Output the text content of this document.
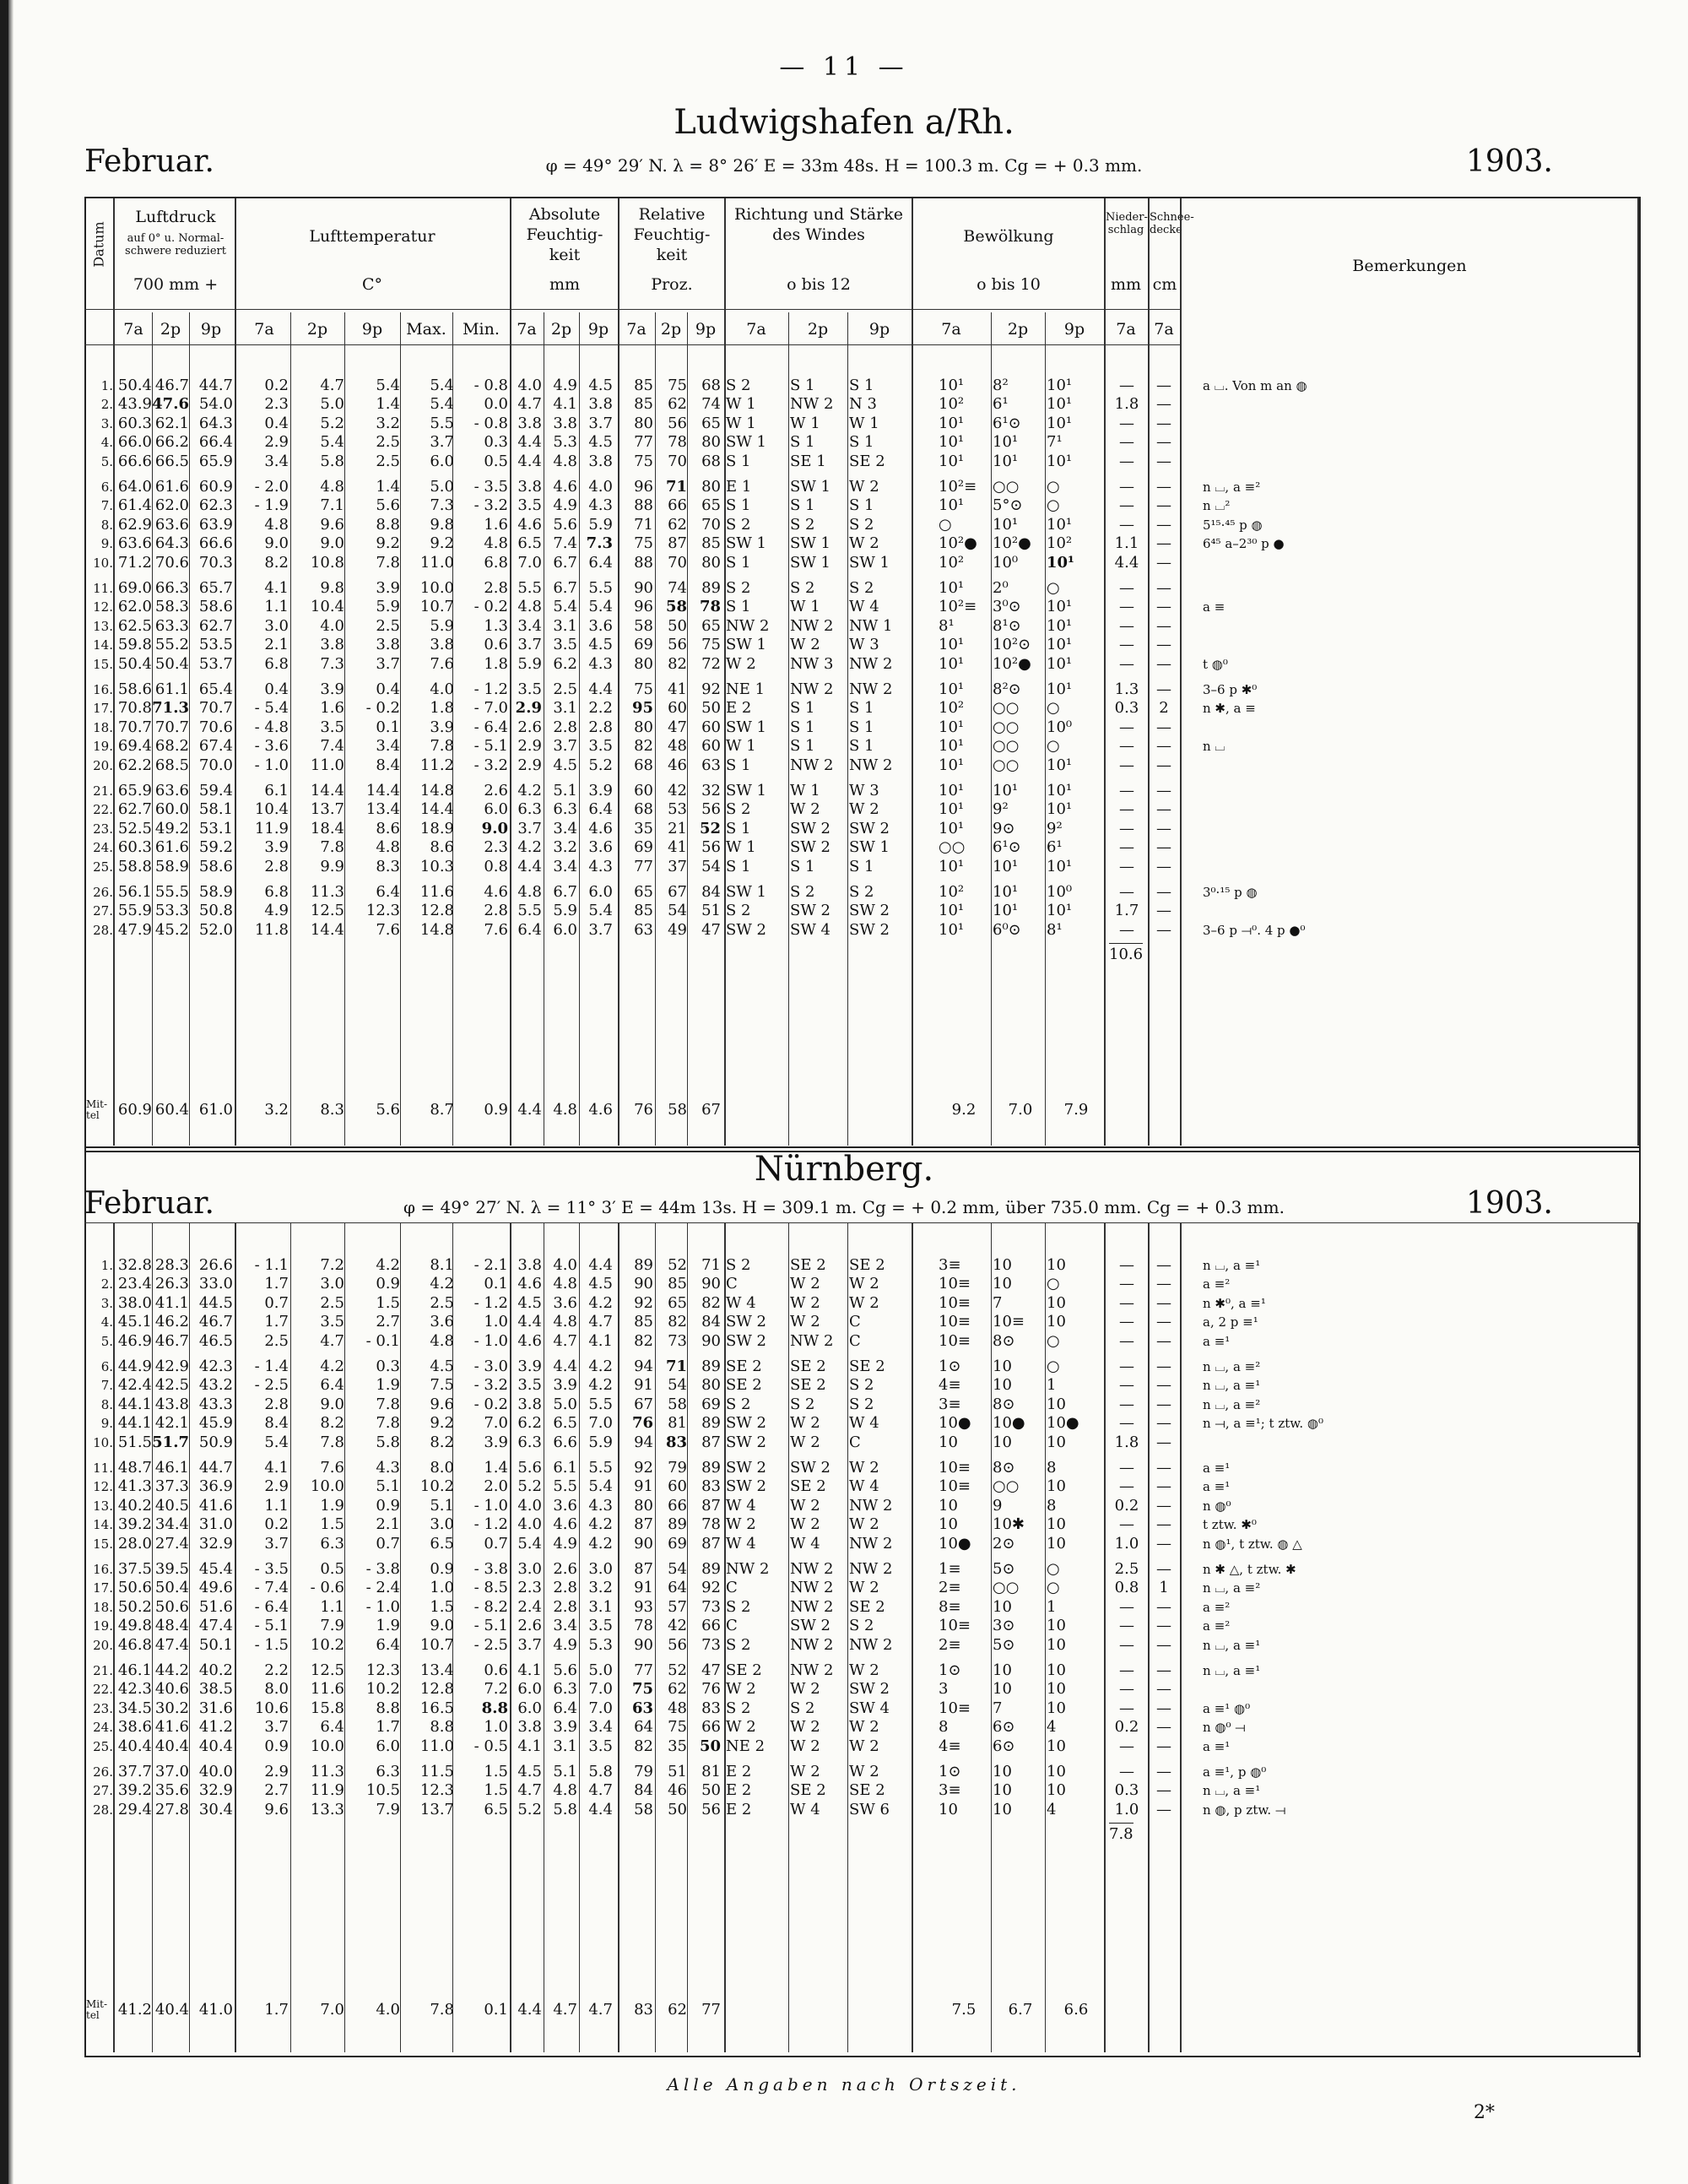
— 11 —
Ludwigshafen a/Rh.
Februar.	φ = 49° 29′ N. λ = 8° 26′ E = 33m 48s. H = 100.3 m. Cg = + 0.3 mm.	1903.
Datum
Luftdruck
auf 0° u. Normal-schwere reduziert
700 mm +
Lufttemperatur
C°
Absolute Feuchtig-keit
mm
Relative Feuchtig-keit
Proz.
Richtung und Stärke des Windes
o bis 12
Bewölkung
o bis 10
Nieder-schlag
mm
Schnee-decke
cm
Bemerkungen
7a	2p	9p	7a	2p	9p	Max.	Min.	7a 2p	9p	7a 2p 9p	7a	2p	9p	7a	2p	9p	7a	7a
1. 50.4 46.7 44.7	0.2	4.7	5.4	5.4	- 0.8 4.0 4.9 4.5	85 75 68 S 2	S 1	S 1	10¹	8²	10¹	—	—	a ⌴. Von m an ◍
2. 43.9 47.6 54.0	2.3	5.0	1.4	5.4	0.0 4.7 4.1 3.8	85 62 74 W 1	NW 2	N 3	10²	6¹	10¹	1.8	—
3. 60.3 62.1 64.3	0.4	5.2	3.2	5.5	- 0.8 3.8 3.8 3.7	80 56 65 W 1	W 1	W 1	10¹	6¹⊙	10¹	—	—
4. 66.0 66.2 66.4	2.9	5.4	2.5	3.7	0.3 4.4 5.3 4.5	77 78 80 SW 1	S 1	S 1	10¹	10¹	7¹	—	—
5. 66.6 66.5 65.9	3.4	5.8	2.5	6.0	0.5 4.4 4.8 3.8	75 70 68 S 1	SE 1	SE 2	10¹	10¹	10¹	—	—
6. 64.0 61.6 60.9	- 2.0	4.8	1.4	5.0	- 3.5 3.8 4.6 4.0	96 71 80 E 1	SW 1	W 2	10²≡	○○	○	—	—	n ⌴, a ≡²
7. 61.4 62.0 62.3	- 1.9	7.1	5.6	7.3	- 3.2 3.5 4.9 4.3	88 66 65 S 1	S 1	S 1	10¹	5°⊙	○	—	—	n ⌴²
8. 62.9 63.6 63.9	4.8	9.6	8.8	9.8	1.6 4.6 5.6 5.9	71 62 70 S 2	S 2	S 2	○	10¹	10¹	—	—	5¹⁵·⁴⁵ p ◍
9. 63.6 64.3 66.6	9.0	9.0	9.2	9.2	4.8 6.5 7.4 7.3	75 87 85 SW 1	SW 1	W 2	10²●	10²●	10²	1.1	—	6⁴⁵ a–2³⁰ p ●
10. 71.2 70.6 70.3	8.2	10.8	7.8	11.0	6.8 7.0 6.7 6.4	88 70 80 S 1	SW 1	SW 1	10²	10⁰	10¹	4.4	—
11. 69.0 66.3 65.7	4.1	9.8	3.9	10.0	2.8 5.5 6.7 5.5	90 74 89 S 2	S 2	S 2	10¹	2⁰	○	—	—
12. 62.0 58.3 58.6	1.1	10.4	5.9	10.7	- 0.2 4.8 5.4 5.4	96 58 78 S 1	W 1	W 4	10²≡	3⁰⊙	10¹	—	—	a ≡
13. 62.5 63.3 62.7	3.0	4.0	2.5	5.9	1.3 3.4 3.1 3.6	58 50 65 NW 2	NW 2	NW 1	8¹	8¹⊙	10¹	—	—
14. 59.8 55.2 53.5	2.1	3.8	3.8	3.8	0.6 3.7 3.5 4.5	69 56 75 SW 1	W 2	W 3	10¹	10²⊙	10¹	—	—
15. 50.4 50.4 53.7	6.8	7.3	3.7	7.6	1.8 5.9 6.2 4.3	80 82 72 W 2	NW 3	NW 2	10¹	10²●	10¹	—	—	t ◍⁰
16. 58.6 61.1 65.4	0.4	3.9	0.4	4.0	- 1.2 3.5 2.5 4.4	75 41 92 NE 1	NW 2	NW 2	10¹	8²⊙	10¹	1.3	—	3–6 p ✱⁰
17. 70.8 71.3 70.7	- 5.4	1.6	- 0.2	1.8	- 7.0 2.9 3.1 2.2	95 60 50 E 2	S 1	S 1	10²	○○	○	0.3	2	n ✱, a ≡
18. 70.7 70.7 70.6	- 4.8	3.5	0.1	3.9	- 6.4 2.6 2.8 2.8	80 47 60 SW 1	S 1	S 1	10¹	○○	10⁰	—	—
19. 69.4 68.2 67.4	- 3.6	7.4	3.4	7.8	- 5.1 2.9 3.7 3.5	82 48 60 W 1	S 1	S 1	10¹	○○	○	—	—	n ⌴
20. 62.2 68.5 70.0	- 1.0	11.0	8.4	11.2	- 3.2 2.9 4.5 5.2	68 46 63 S 1	NW 2	NW 2	10¹	○○	10¹	—	—
21. 65.9 63.6 59.4	6.1	14.4	14.4	14.8	2.6 4.2 5.1 3.9	60 42 32 SW 1	W 1	W 3	10¹	10¹	10¹	—	—
22. 62.7 60.0 58.1	10.4	13.7	13.4	14.4	6.0 6.3 6.3 6.4	68 53 56 S 2	W 2	W 2	10¹	9²	10¹	—	—
23. 52.5 49.2 53.1	11.9	18.4	8.6	18.9	9.0 3.7 3.4 4.6	35 21 52 S 1	SW 2	SW 2	10¹	9⊙	9²	—	—
24. 60.3 61.6 59.2	3.9	7.8	4.8	8.6	2.3 4.2 3.2 3.6	69 41 56 W 1	SW 2	SW 1	○○	6¹⊙	6¹	—	—
25. 58.8 58.9 58.6	2.8	9.9	8.3	10.3	0.8 4.4 3.4 4.3	77 37 54 S 1	S 1	S 1	10¹	10¹	10¹	—	—
26. 56.1 55.5 58.9	6.8	11.3	6.4	11.6	4.6 4.8 6.7 6.0	65 67 84 SW 1	S 2	S 2	10²	10¹	10⁰	—	—	3⁰·¹⁵ p ◍
27. 55.9 53.3 50.8	4.9	12.5	12.3	12.8	2.8 5.5 5.9 5.4	85 54 51 S 2	SW 2	SW 2	10¹	10¹	10¹	1.7	—
28. 47.9 45.2 52.0	11.8	14.4	7.6	14.8	7.6 6.4 6.0 3.7	63 49 47 SW 2	SW 4	SW 2	10¹	6⁰⊙	8¹	—	—	3–6 p ⟞⁰. 4 p ●⁰
10.6
Mit-tel	60.9 60.4 61.0	3.2	8.3	5.6	8.7	0.9 4.4 4.8 4.6	76 58 67	9.2	7.0	7.9
Nürnberg.
Februar.	φ = 49° 27′ N. λ = 11° 3′ E = 44m 13s. H = 309.1 m. Cg = + 0.2 mm, über 735.0 mm. Cg = + 0.3 mm.	1903.
1. 32.8 28.3 26.6	- 1.1	7.2	4.2	8.1	- 2.1 3.8 4.0 4.4	89 52 71 S 2	SE 2	SE 2	3≡	10	10	—	—	n ⌴, a ≡¹
2. 23.4 26.3 33.0	1.7	3.0	0.9	4.2	0.1 4.6 4.8 4.5	90 85 90 C	W 2	W 2	10≡	10	○	—	—	a ≡²
3. 38.0 41.1 44.5	0.7	2.5	1.5	2.5	- 1.2 4.5 3.6 4.2	92 65 82 W 4	W 2	W 2	10≡	7	10	—	—	n ✱⁰, a ≡¹
4. 45.1 46.2 46.7	1.7	3.5	2.7	3.6	1.0 4.4 4.8 4.7	85 82 84 SW 2	W 2	C	10≡	10≡	10	—	—	a, 2 p ≡¹
5. 46.9 46.7 46.5	2.5	4.7	- 0.1	4.8	- 1.0 4.6 4.7 4.1	82 73 90 SW 2	NW 2	C	10≡	8⊙	○	—	—	a ≡¹
6. 44.9 42.9 42.3	- 1.4	4.2	0.3	4.5	- 3.0 3.9 4.4 4.2	94 71 89 SE 2	SE 2	SE 2	1⊙	10	○	—	—	n ⌴, a ≡²
7. 42.4 42.5 43.2	- 2.5	6.4	1.9	7.5	- 3.2 3.5 3.9 4.2	91 54 80 SE 2	SE 2	S 2	4≡	10	1	—	—	n ⌴, a ≡¹
8. 44.1 43.8 43.3	2.8	9.0	7.8	9.6	- 0.2 3.8 5.0 5.5	67 58 69 S 2	S 2	S 2	3≡	8⊙	10	—	—	n ⌴, a ≡²
9. 44.1 42.1 45.9	8.4	8.2	7.8	9.2	7.0 6.2 6.5 7.0	76 81 89 SW 2	W 2	W 4	10●	10●	10●	—	—	n ⟞, a ≡¹; t ztw. ◍⁰
10. 51.5 51.7 50.9	5.4	7.8	5.8	8.2	3.9 6.3 6.6 5.9	94 83 87 SW 2	W 2	C	10	10	10	1.8	—
11. 48.7 46.1 44.7	4.1	7.6	4.3	8.0	1.4 5.6 6.1 5.5	92 79 89 SW 2	SW 2	W 2	10≡	8⊙	8	—	—	a ≡¹
12. 41.3 37.3 36.9	2.9	10.0	5.1	10.2	2.0 5.2 5.5 5.4	91 60 83 SW 2	SE 2	W 4	10≡	○○	10	—	—	a ≡¹
13. 40.2 40.5 41.6	1.1	1.9	0.9	5.1	- 1.0 4.0 3.6 4.3	80 66 87 W 4	W 2	NW 2	10	9	8	0.2	—	n ◍⁰
14. 39.2 34.4 31.0	0.2	1.5	2.1	3.0	- 1.2 4.0 4.6 4.2	87 89 78 W 2	W 2	W 2	10	10✱	10	—	—	t ztw. ✱⁰
15. 28.0 27.4 32.9	3.7	6.3	0.7	6.5	0.7 5.4 4.9 4.2	90 69 87 W 4	W 4	NW 2	10●	2⊙	10	1.0	—	n ◍¹, t ztw. ◍ △
16. 37.5 39.5 45.4	- 3.5	0.5	- 3.8	0.9	- 3.8 3.0 2.6 3.0	87 54 89 NW 2	NW 2	NW 2	1≡	5⊙	○	2.5	—	n ✱ △, t ztw. ✱
17. 50.6 50.4 49.6	- 7.4	- 0.6	- 2.4	1.0	- 8.5 2.3 2.8 3.2	91 64 92 C	NW 2	W 2	2≡	○○	○	0.8	1	n ⌴, a ≡²
18. 50.2 50.6 51.6	- 6.4	1.1	- 1.0	1.5	- 8.2 2.4 2.8 3.1	93 57 73 S 2	NW 2	SE 2	8≡	10	1	—	—	a ≡²
19. 49.8 48.4 47.4	- 5.1	7.9	1.9	9.0	- 5.1 2.6 3.4 3.5	78 42 66 C	SW 2	S 2	10≡	3⊙	10	—	—	a ≡²
20. 46.8 47.4 50.1	- 1.5	10.2	6.4	10.7	- 2.5 3.7 4.9 5.3	90 56 73 S 2	NW 2	NW 2	2≡	5⊙	10	—	—	n ⌴, a ≡¹
21. 46.1 44.2 40.2	2.2	12.5	12.3	13.4	0.6 4.1 5.6 5.0	77 52 47 SE 2	NW 2	W 2	1⊙	10	10	—	—	n ⌴, a ≡¹
22. 42.3 40.6 38.5	8.0	11.6	10.2	12.8	7.2 6.0 6.3 7.0	75 62 76 W 2	W 2	SW 2	3	10	10	—	—
23. 34.5 30.2 31.6	10.6	15.8	8.8	16.5	8.8 6.0 6.4 7.0	63 48 83 S 2	S 2	SW 4	10≡	7	10	—	—	a ≡¹ ◍⁰
24. 38.6 41.6 41.2	3.7	6.4	1.7	8.8	1.0 3.8 3.9 3.4	64 75 66 W 2	W 2	W 2	8	6⊙	4	0.2	—	n ◍⁰ ⟞
25. 40.4 40.4 40.4	0.9	10.0	6.0	11.0	- 0.5 4.1 3.1 3.5	82 35 50 NE 2	W 2	W 2	4≡	6⊙	10	—	—	a ≡¹
26. 37.7 37.0 40.0	2.9	11.3	6.3	11.5	1.5 4.5 5.1 5.8	79 51 81 E 2	W 2	W 2	1⊙	10	10	—	—	a ≡¹, p ◍⁰
27. 39.2 35.6 32.9	2.7	11.9	10.5	12.3	1.5 4.7 4.8 4.7	84 46 50 E 2	SE 2	SE 2	3≡	10	10	0.3	—	n ⌴, a ≡¹
28. 29.4 27.8 30.4	9.6	13.3	7.9	13.7	6.5 5.2 5.8 4.4	58 50 56 E 2	W 4	SW 6	10	10	4	1.0	—	n ◍, p ztw. ⟞
7.8
Mit-tel	41.2 40.4 41.0	1.7	7.0	4.0	7.8	0.1 4.4 4.7 4.7	83 62 77	7.5	6.7	6.6
Alle Angaben nach Ortszeit.
2*
